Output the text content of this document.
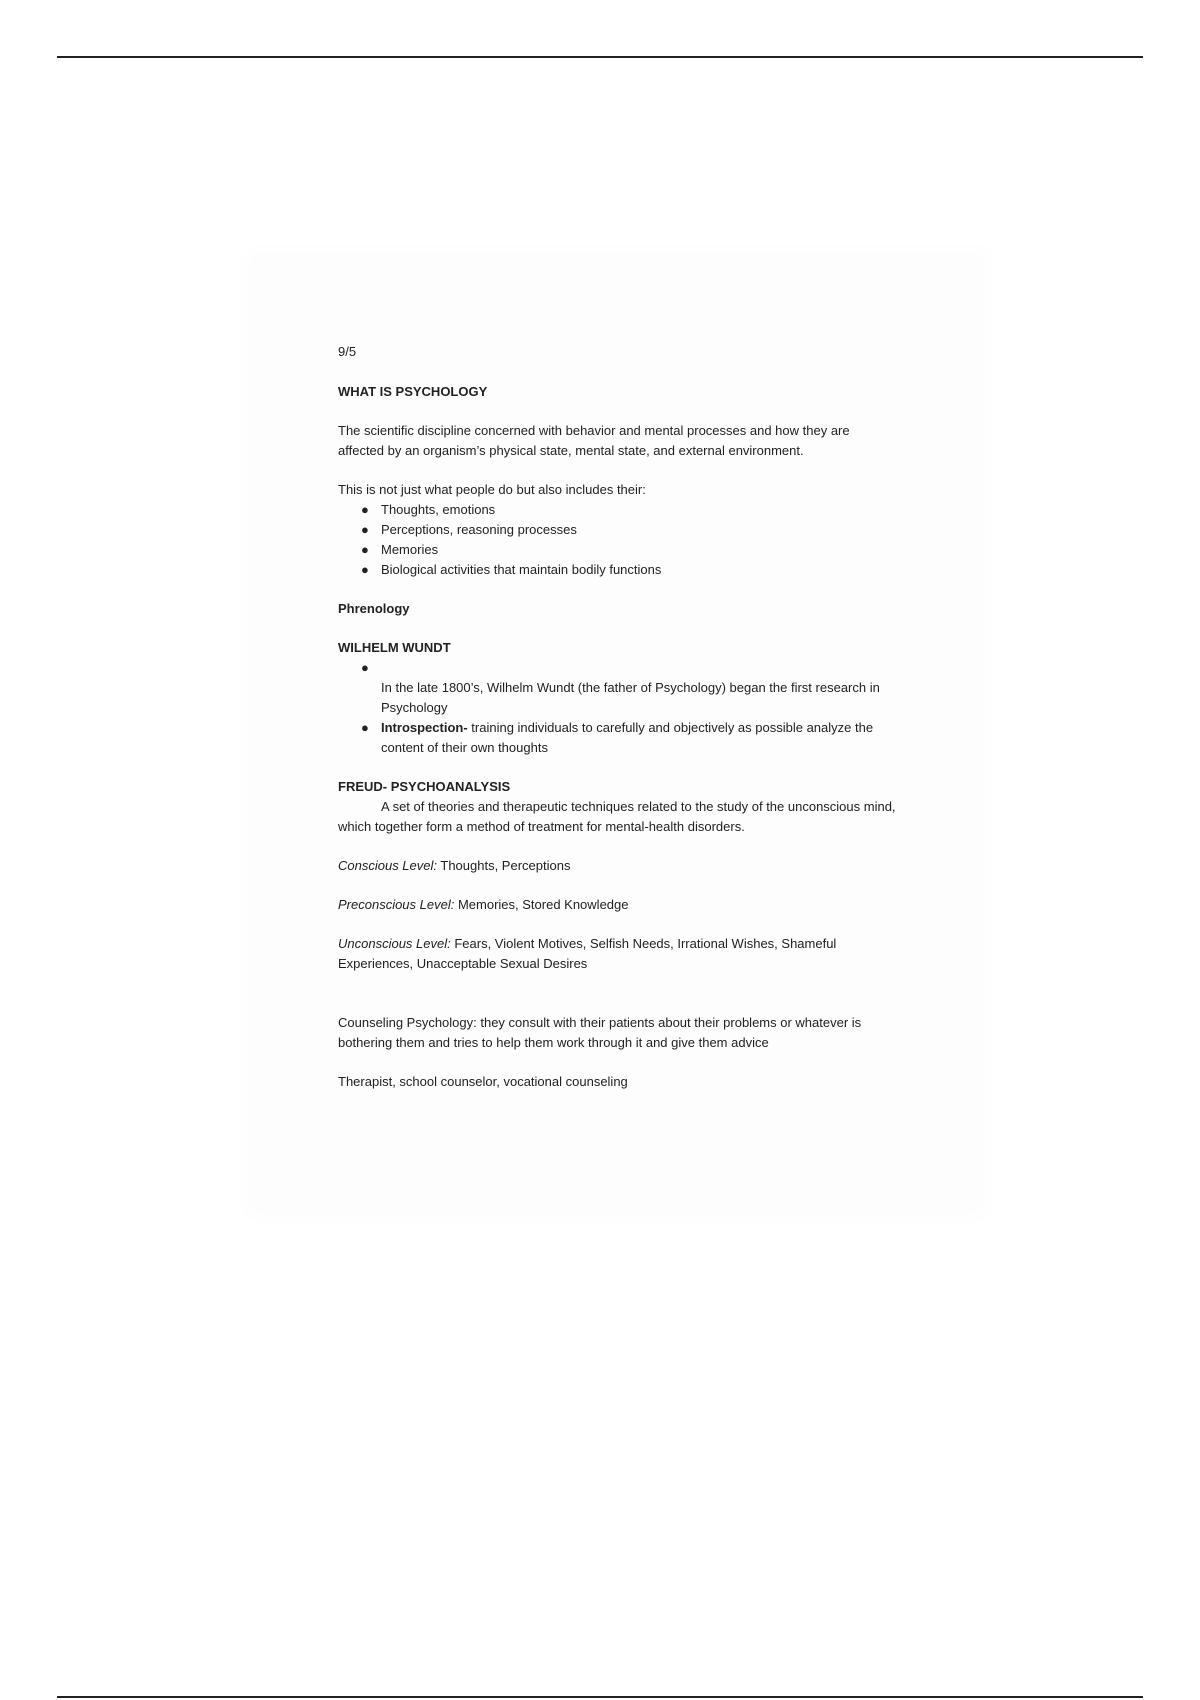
9/5

WHAT IS PSYCHOLOGY

The scientific discipline concerned with behavior and mental processes and how they are affected by an organism’s physical state, mental state, and external environment.

This is not just what people do but also includes their:

● Thoughts, emotions
● Perceptions, reasoning processes
● Memories
● Biological activities that maintain bodily functions

Phrenology

WILHELM WUNDT

●

In the late 1800’s, Wilhelm Wundt (the father of Psychology) began the first research in Psychology
● Introspection- training individuals to carefully and objectively as possible analyze the content of their own thoughts

FREUD- PSYCHOANALYSIS

A set of theories and therapeutic techniques related to the study of the unconscious mind, which together form a method of treatment for mental-health disorders.

Conscious Level: Thoughts, Perceptions

Preconscious Level: Memories, Stored Knowledge

Unconscious Level: Fears, Violent Motives, Selfish Needs, Irrational Wishes, Shameful Experiences, Unacceptable Sexual Desires

Counseling Psychology: they consult with their patients about their problems or whatever is bothering them and tries to help them work through it and give them advice

Therapist, school counselor, vocational counseling
